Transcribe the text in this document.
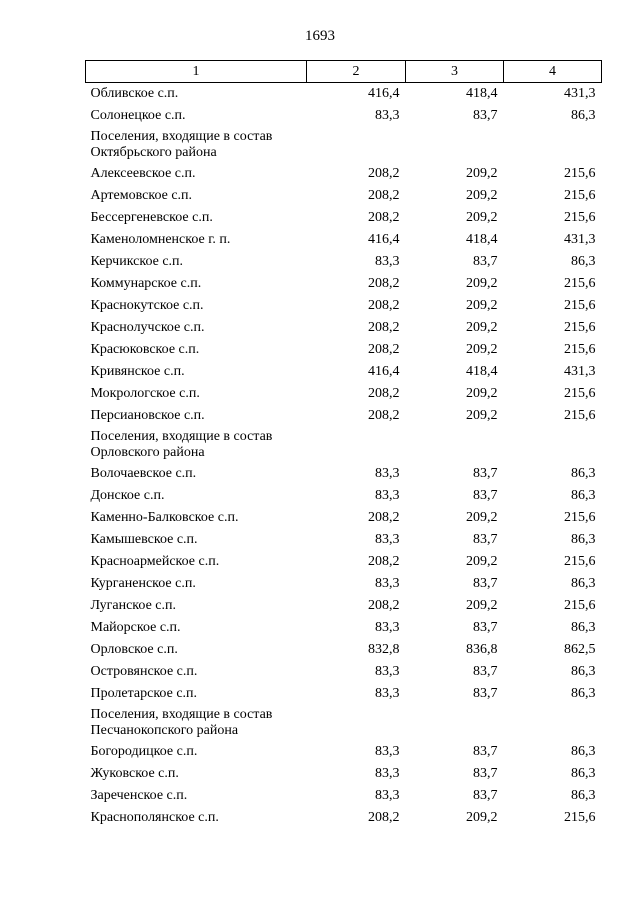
1693
1	2	3	4
Обливское с.п.	416,4	418,4	431,3
Солонецкое с.п.	83,3	83,7	86,3
Поселения, входящие в состав Октябрьского района			
Алексеевское с.п.	208,2	209,2	215,6
Артемовское с.п.	208,2	209,2	215,6
Бессергеневское с.п.	208,2	209,2	215,6
Каменоломненское г. п.	416,4	418,4	431,3
Керчикское с.п.	83,3	83,7	86,3
Коммунарское с.п.	208,2	209,2	215,6
Краснокутское с.п.	208,2	209,2	215,6
Краснолучское с.п.	208,2	209,2	215,6
Красюковское с.п.	208,2	209,2	215,6
Кривянское с.п.	416,4	418,4	431,3
Мокрологское с.п.	208,2	209,2	215,6
Персиановское с.п.	208,2	209,2	215,6
Поселения, входящие в состав Орловского района			
Волочаевское с.п.	83,3	83,7	86,3
Донское с.п.	83,3	83,7	86,3
Каменно-Балковское с.п.	208,2	209,2	215,6
Камышевское с.п.	83,3	83,7	86,3
Красноармейское с.п.	208,2	209,2	215,6
Курганенское с.п.	83,3	83,7	86,3
Луганское с.п.	208,2	209,2	215,6
Майорское с.п.	83,3	83,7	86,3
Орловское с.п.	832,8	836,8	862,5
Островянское с.п.	83,3	83,7	86,3
Пролетарское с.п.	83,3	83,7	86,3
Поселения, входящие в состав Песчанокопского района			
Богородицкое с.п.	83,3	83,7	86,3
Жуковское с.п.	83,3	83,7	86,3
Зареченское с.п.	83,3	83,7	86,3
Краснополянское с.п.	208,2	209,2	215,6
